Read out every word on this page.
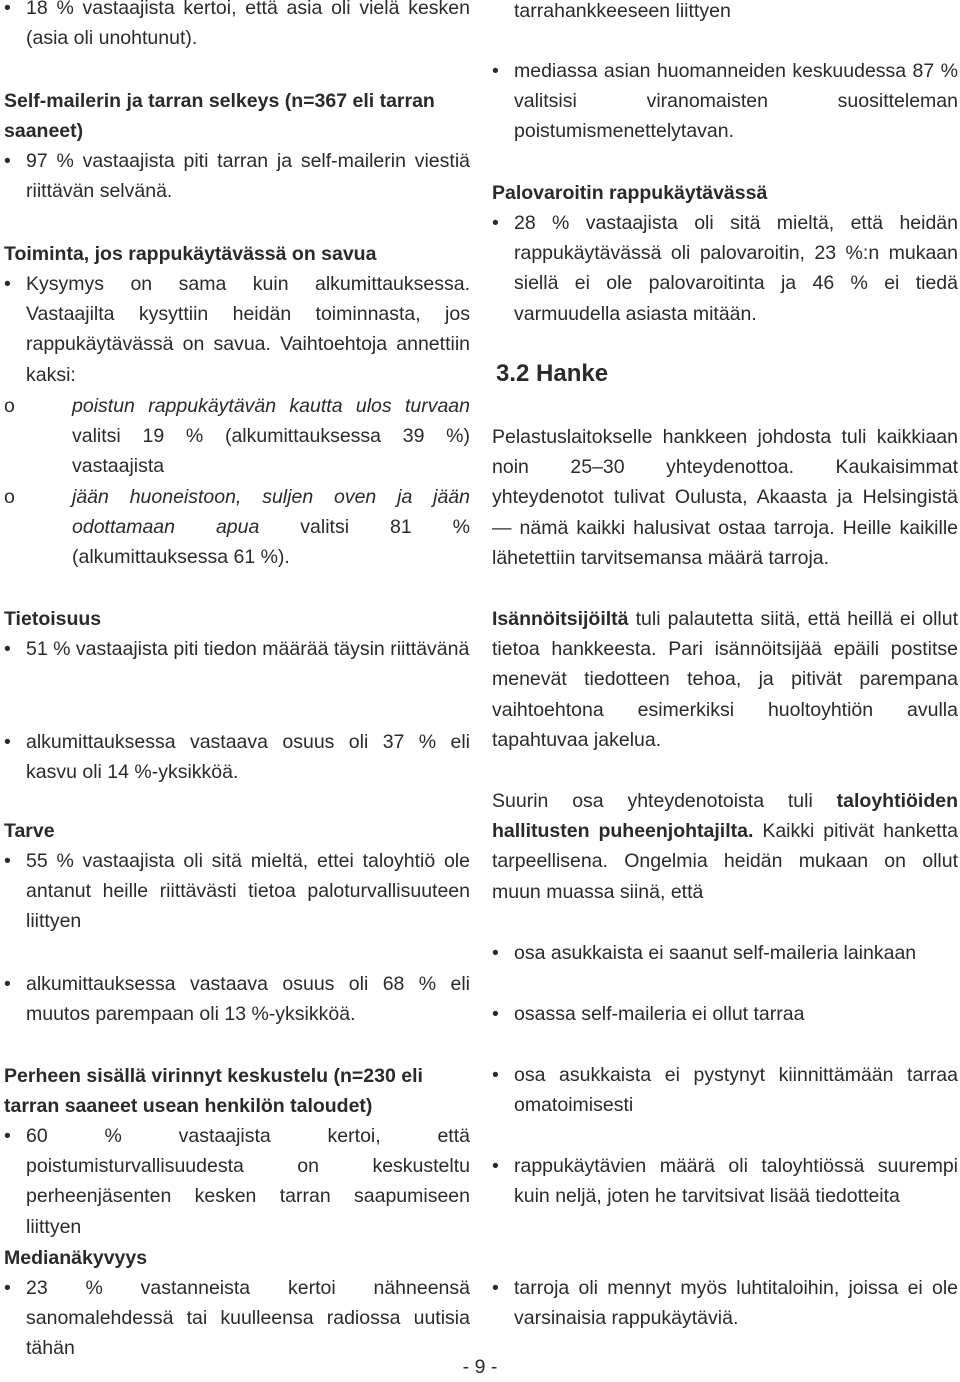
• 18 % vastaajista kertoi, että asia oli vielä kesken (asia oli unohtunut).
Self-mailerin ja tarran selkeys (n=367 eli tarran saaneet)
• 97 % vastaajista piti tarran ja self-mailerin viestiä riittävän selvänä.
Toiminta, jos rappukäytävässä on savua
• Kysymys on sama kuin alkumittauksessa. Vastaajilta kysyttiin heidän toiminnasta, jos rappukäytävässä on savua. Vaihtoehtoja annettiin kaksi:
o poistun rappukäytävän kautta ulos turvaan valitsi 19 % (alkumittauksessa 39 %) vastaajista
o jään huoneistoon, suljen oven ja jään odottamaan apua valitsi 81 % (alkumittauksessa 61 %).
Tietoisuus
• 51 % vastaajista piti tiedon määrää täysin riittävänä
• alkumittauksessa vastaava osuus oli 37 % eli kasvu oli 14 %-yksikköä.
Tarve
• 55 % vastaajista oli sitä mieltä, ettei taloyhtiö ole antanut heille riittävästi tietoa paloturvallisuuteen liittyen
• alkumittauksessa vastaava osuus oli 68 % eli muutos parempaan oli 13 %-yksikköä.
Perheen sisällä virinnyt keskustelu (n=230 eli tarran saaneet usean henkilön taloudet)
• 60 % vastaajista kertoi, että poistumisturvallisuudesta on keskusteltu perheenjäsenten kesken tarran saapumiseen liittyen
Medianäkyvyys
• 23 % vastanneista kertoi nähneensä sanomalehdessä tai kuulleensa radiossa uutisia tähän
tarrahankkeeseen liittyen
• mediassa asian huomanneiden keskuudessa 87 % valitsisi viranomaisten suositteleman poistumismenettelytavan.
Palovaroitin rappukäytävässä
• 28 % vastaajista oli sitä mieltä, että heidän rappukäytävässä oli palovaroitin, 23 %:n mukaan siellä ei ole palovaroitinta ja 46 % ei tiedä varmuudella asiasta mitään.
3.2 Hanke
Pelastuslaitokselle hankkeen johdosta tuli kaikkiaan noin 25–30 yhteydenottoa. Kaukaisimmat yhteydenotot tulivat Oulusta, Akaasta ja Helsingistä — nämä kaikki halusivat ostaa tarroja. Heille kaikille lähetettiin tarvitsemansa määrä tarroja.
Isännöitsijöiltä tuli palautetta siitä, että heillä ei ollut tietoa hankkeesta. Pari isännöitsijää epäili postitse menevät tiedotteen tehoa, ja pitivät parempana vaihtoehtona esimerkiksi huoltoyhtiön avulla tapahtuvaa jakelua.
Suurin osa yhteydenotoista tuli taloyhtiöiden hallitusten puheenjohtajilta. Kaikki pitivät hanketta tarpeellisena. Ongelmia heidän mukaan on ollut muun muassa siinä, että
• osa asukkaista ei saanut self-maileria lainkaan
• osassa self-maileria ei ollut tarraa
• osa asukkaista ei pystynyt kiinnittämään tarraa omatoimisesti
• rappukäytävien määrä oli taloyhtiössä suurempi kuin neljä, joten he tarvitsivat lisää tiedotteita
• tarroja oli mennyt myös luhtitaloihin, joissa ei ole varsinaisia rappukäytäviä.
- 9 -
